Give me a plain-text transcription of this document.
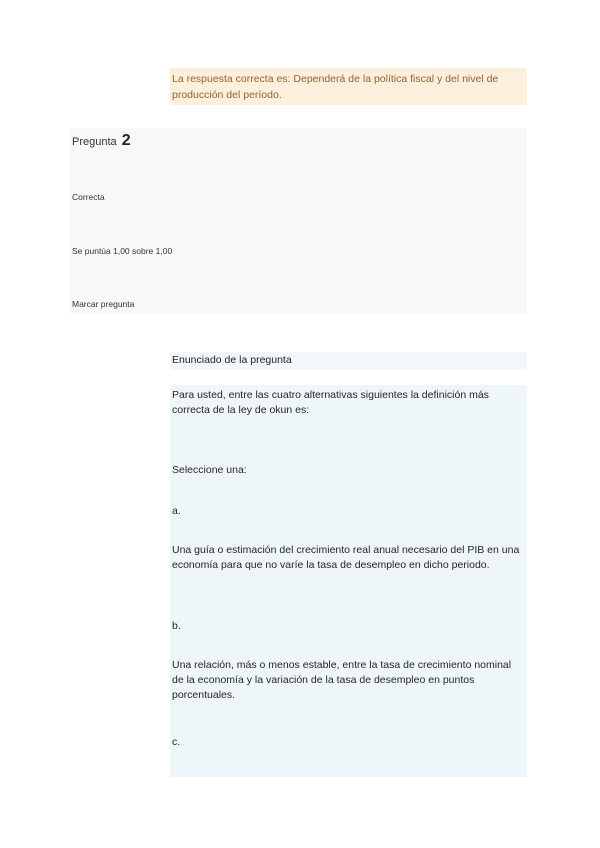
La respuesta correcta es: Dependerá de la política fiscal y del nivel de producción del período.
Pregunta 2
Correcta
Se puntúa 1,00 sobre 1,00
Marcar pregunta
Enunciado de la pregunta
Para usted, entre las cuatro alternativas siguientes la definición más correcta de la ley de okun es:
Seleccione una:
a.
Una guía o estimación del crecimiento real anual necesario del PIB en una economía para que no varíe la tasa de desempleo en dicho periodo.
b.
Una relación, más o menos estable, entre la tasa de crecimiento nominal de la economía y la variación de la tasa de desempleo en puntos porcentuales.
c.
